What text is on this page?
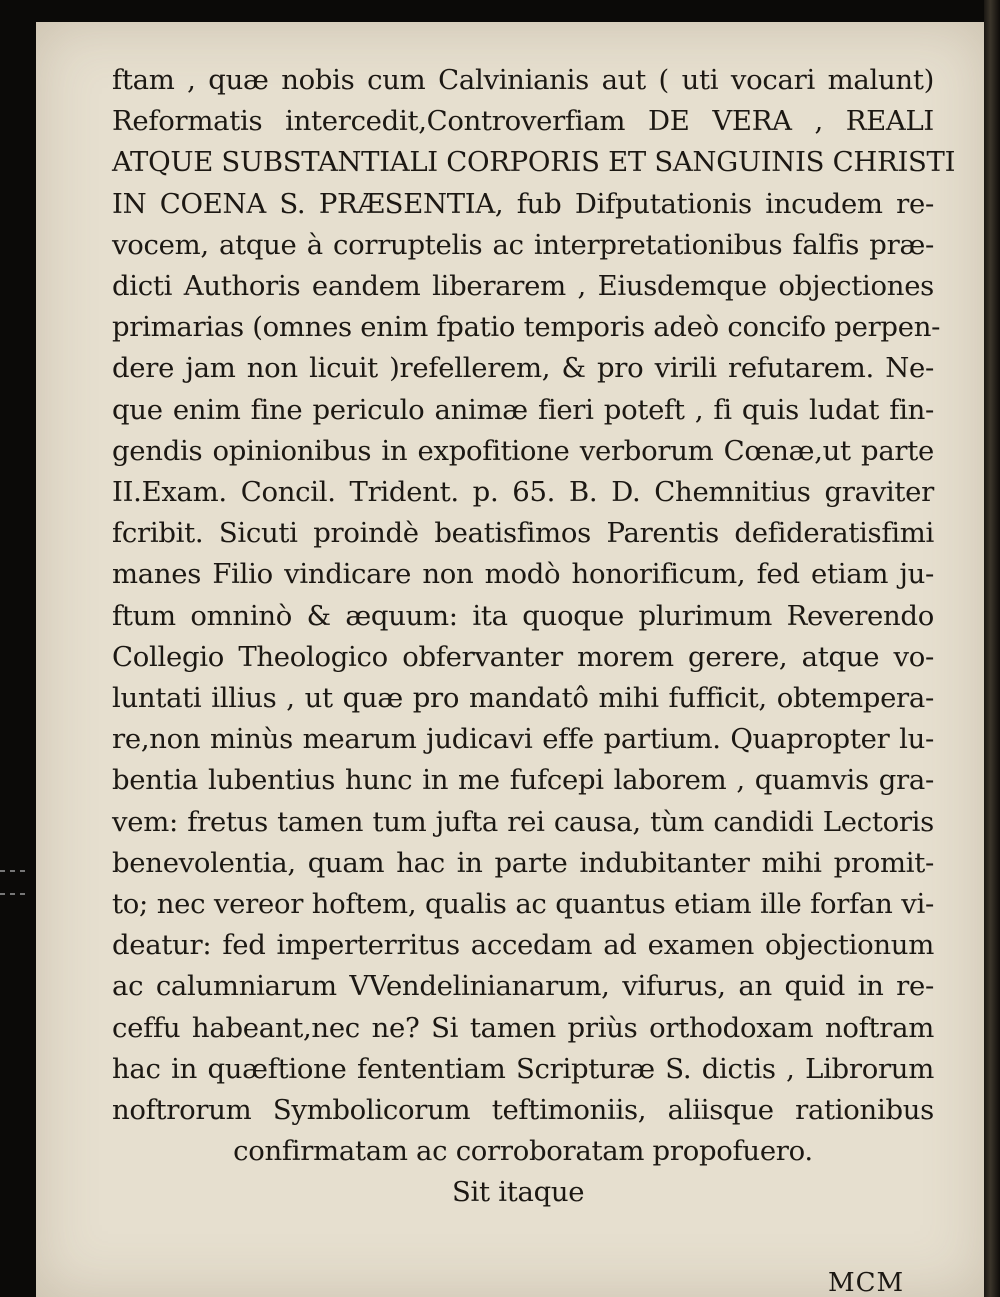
ftam , quæ nobis cum Calvinianis aut ( uti vocari malunt)
Reformatis intercedit,Controverfiam DE VERA , REALI
ATQUE SUBSTANTIALI CORPORIS ET SANGUINIS CHRISTI
IN COENA S. PRÆSENTIA, fub Difputationis incudem re-
vocem, atque à corruptelis ac interpretationibus falfis præ-
dicti Authoris eandem liberarem , Eiusdemque objectiones
primarias (omnes enim fpatio temporis adeò concifo perpen-
dere jam non licuit )refellerem, & pro virili refutarem. Ne-
que enim fine periculo animæ fieri poteft , fi quis ludat fin-
gendis opinionibus in expofitione verborum Cœnæ,ut parte
II.Exam. Concil. Trident. p. 65. B. D. Chemnitius graviter
fcribit. Sicuti proindè beatisfimos Parentis defideratisfimi
manes Filio vindicare non modò honorificum, fed etiam ju-
ftum omninò & æquum: ita quoque plurimum Reverendo
Collegio Theologico obfervanter morem gerere, atque vo-
luntati illius , ut quæ pro mandatô mihi fufficit, obtempera-
re,non minùs mearum judicavi effe partium. Quapropter lu-
bentia lubentius hunc in me fufcepi laborem , quamvis gra-
vem: fretus tamen tum jufta rei causa, tùm candidi Lectoris
benevolentia, quam hac in parte indubitanter mihi promit-
to; nec vereor hoftem, qualis ac quantus etiam ille forfan vi-
deatur: fed imperterritus accedam ad examen objectionum
ac calumniarum VVendelinianarum, vifurus, an quid in re-
ceffu habeant,nec ne? Si tamen priùs orthodoxam noftram
hac in quæftione fententiam Scripturæ S. dictis , Librorum
noftrorum Symbolicorum teftimoniis, aliisque rationibus
confirmatam ac corroboratam propofuero.
Sit itaque
MCM
